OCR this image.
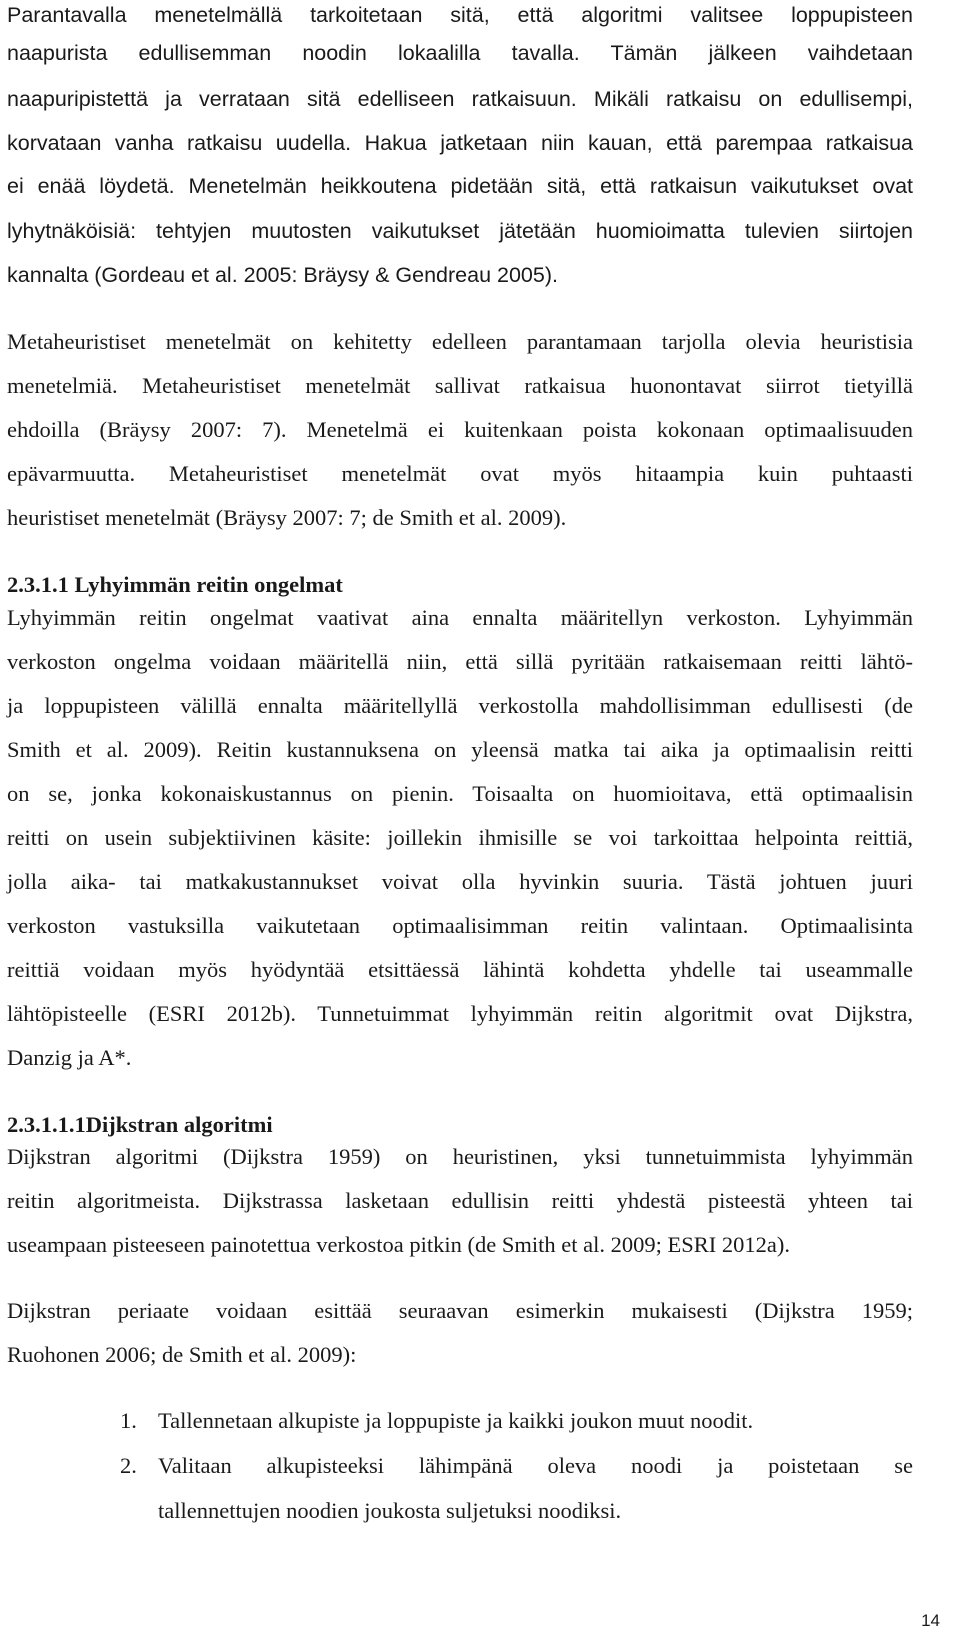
Parantavalla menetelmällä tarkoitetaan sitä, että algoritmi valitsee loppupisteen
naapurista edullisemman noodin lokaalilla tavalla. Tämän jälkeen vaihdetaan
naapuripistettä ja verrataan sitä edelliseen ratkaisuun. Mikäli ratkaisu on edullisempi,
korvataan vanha ratkaisu uudella. Hakua jatketaan niin kauan, että parempaa ratkaisua
ei enää löydetä. Menetelmän heikkoutena pidetään sitä, että ratkaisun vaikutukset ovat
lyhytnäköisiä: tehtyjen muutosten vaikutukset jätetään huomioimatta tulevien siirtojen
kannalta (Gordeau et al. 2005: Bräysy & Gendreau 2005).
Metaheuristiset menetelmät on kehitetty edelleen parantamaan tarjolla olevia heuristisia
menetelmiä. Metaheuristiset menetelmät sallivat ratkaisua huonontavat siirrot tietyillä
ehdoilla (Bräysy 2007: 7). Menetelmä ei kuitenkaan poista kokonaan optimaalisuuden
epävarmuutta. Metaheuristiset menetelmät ovat myös hitaampia kuin puhtaasti
heuristiset menetelmät (Bräysy 2007: 7; de Smith et al. 2009).
2.3.1.1 Lyhyimmän reitin ongelmat
Lyhyimmän reitin ongelmat vaativat aina ennalta määritellyn verkoston. Lyhyimmän
verkoston ongelma voidaan määritellä niin, että sillä pyritään ratkaisemaan reitti lähtö-
ja loppupisteen välillä ennalta määritellyllä verkostolla mahdollisimman edullisesti (de
Smith et al. 2009). Reitin kustannuksena on yleensä matka tai aika ja optimaalisin reitti
on se, jonka kokonaiskustannus on pienin. Toisaalta on huomioitava, että optimaalisin
reitti on usein subjektiivinen käsite: joillekin ihmisille se voi tarkoittaa helpointa reittiä,
jolla aika- tai matkakustannukset voivat olla hyvinkin suuria. Tästä johtuen juuri
verkoston vastuksilla vaikutetaan optimaalisimman reitin valintaan. Optimaalisinta
reittiä voidaan myös hyödyntää etsittäessä lähintä kohdetta yhdelle tai useammalle
lähtöpisteelle (ESRI 2012b). Tunnetuimmat lyhyimmän reitin algoritmit ovat Dijkstra,
Danzig ja A*.
2.3.1.1.1Dijkstran algoritmi
Dijkstran algoritmi (Dijkstra 1959) on heuristinen, yksi tunnetuimmista lyhyimmän
reitin algoritmeista. Dijkstrassa lasketaan edullisin reitti yhdestä pisteestä yhteen tai
useampaan pisteeseen painotettua verkostoa pitkin (de Smith et al. 2009; ESRI 2012a).
Dijkstran periaate voidaan esittää seuraavan esimerkin mukaisesti (Dijkstra 1959;
Ruohonen 2006; de Smith et al. 2009):
1. Tallennetaan alkupiste ja loppupiste ja kaikki joukon muut noodit.
2. Valitaan alkupisteeksi lähimpänä oleva noodi ja poistetaan se
tallennettujen noodien joukosta suljetuksi noodiksi.
14
